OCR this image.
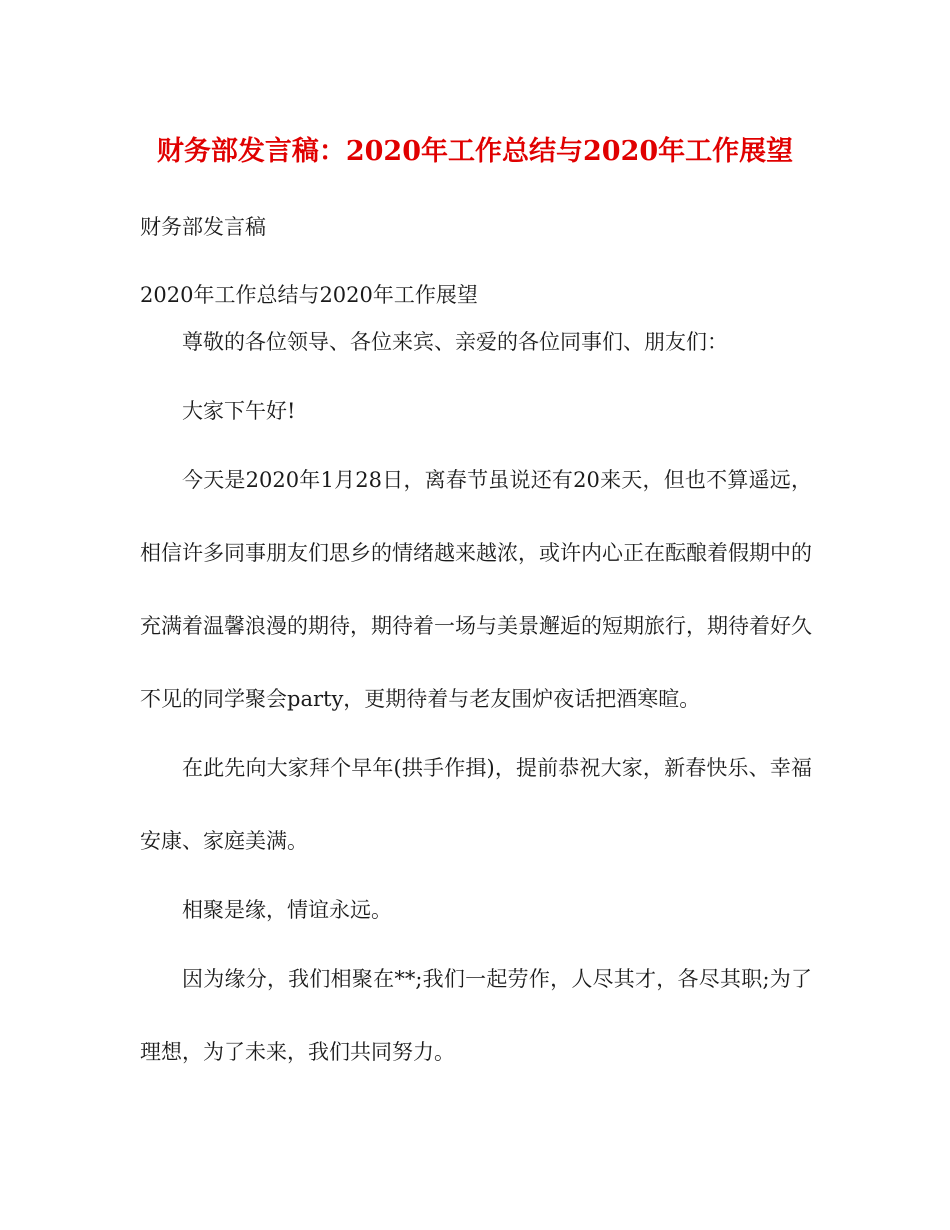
财务部发言稿：2020年工作总结与2020年工作展望

财务部发言稿

2020年工作总结与2020年工作展望

尊敬的各位领导、各位来宾、亲爱的各位同事们、朋友们：

大家下午好!

今天是2020年1月28日，离春节虽说还有20来天，但也不算遥远，相信许多同事朋友们思乡的情绪越来越浓，或许内心正在酝酿着假期中的充满着温馨浪漫的期待，期待着一场与美景邂逅的短期旅行，期待着好久不见的同学聚会party，更期待着与老友围炉夜话把酒寒暄。

在此先向大家拜个早年(拱手作揖)，提前恭祝大家，新春快乐、幸福安康、家庭美满。

相聚是缘，情谊永远。

因为缘分，我们相聚在**;我们一起劳作，人尽其才，各尽其职;为了理想，为了未来，我们共同努力。
